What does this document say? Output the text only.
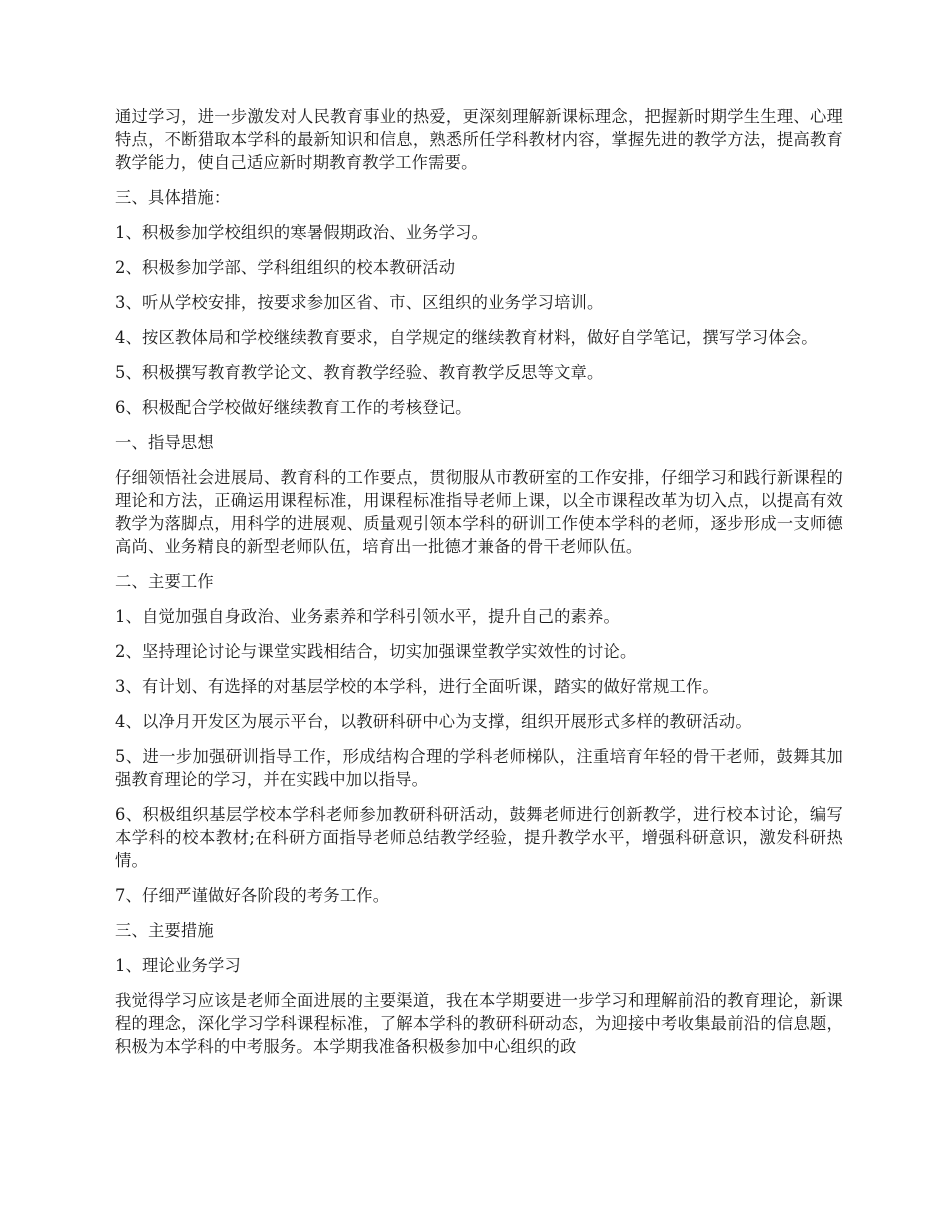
通过学习，进一步激发对人民教育事业的热爱，更深刻理解新课标理念，把握新时期学生生理、心理特点，不断猎取本学科的最新知识和信息，熟悉所任学科教材内容，掌握先进的教学方法，提高教育教学能力，使自己适应新时期教育教学工作需要。

三、具体措施：

1、积极参加学校组织的寒暑假期政治、业务学习。

2、积极参加学部、学科组组织的校本教研活动

3、听从学校安排，按要求参加区省、市、区组织的业务学习培训。

4、按区教体局和学校继续教育要求，自学规定的继续教育材料，做好自学笔记，撰写学习体会。

5、积极撰写教育教学论文、教育教学经验、教育教学反思等文章。

6、积极配合学校做好继续教育工作的考核登记。

一、指导思想

仔细领悟社会进展局、教育科的工作要点，贯彻服从市教研室的工作安排，仔细学习和践行新课程的理论和方法，正确运用课程标准，用课程标准指导老师上课，以全市课程改革为切入点，以提高有效教学为落脚点，用科学的进展观、质量观引领本学科的研训工作使本学科的老师，逐步形成一支师德高尚、业务精良的新型老师队伍，培育出一批德才兼备的骨干老师队伍。

二、主要工作

1、自觉加强自身政治、业务素养和学科引领水平，提升自己的素养。

2、坚持理论讨论与课堂实践相结合，切实加强课堂教学实效性的讨论。

3、有计划、有选择的对基层学校的本学科，进行全面听课，踏实的做好常规工作。

4、以净月开发区为展示平台，以教研科研中心为支撑，组织开展形式多样的教研活动。

5、进一步加强研训指导工作，形成结构合理的学科老师梯队，注重培育年轻的骨干老师，鼓舞其加强教育理论的学习，并在实践中加以指导。

6、积极组织基层学校本学科老师参加教研科研活动，鼓舞老师进行创新教学，进行校本讨论，编写本学科的校本教材;在科研方面指导老师总结教学经验，提升教学水平，增强科研意识，激发科研热情。

7、仔细严谨做好各阶段的考务工作。

三、主要措施

1、理论业务学习

我觉得学习应该是老师全面进展的主要渠道，我在本学期要进一步学习和理解前沿的教育理论，新课程的理念，深化学习学科课程标准，了解本学科的教研科研动态，为迎接中考收集最前沿的信息题，积极为本学科的中考服务。本学期我准备积极参加中心组织的政
